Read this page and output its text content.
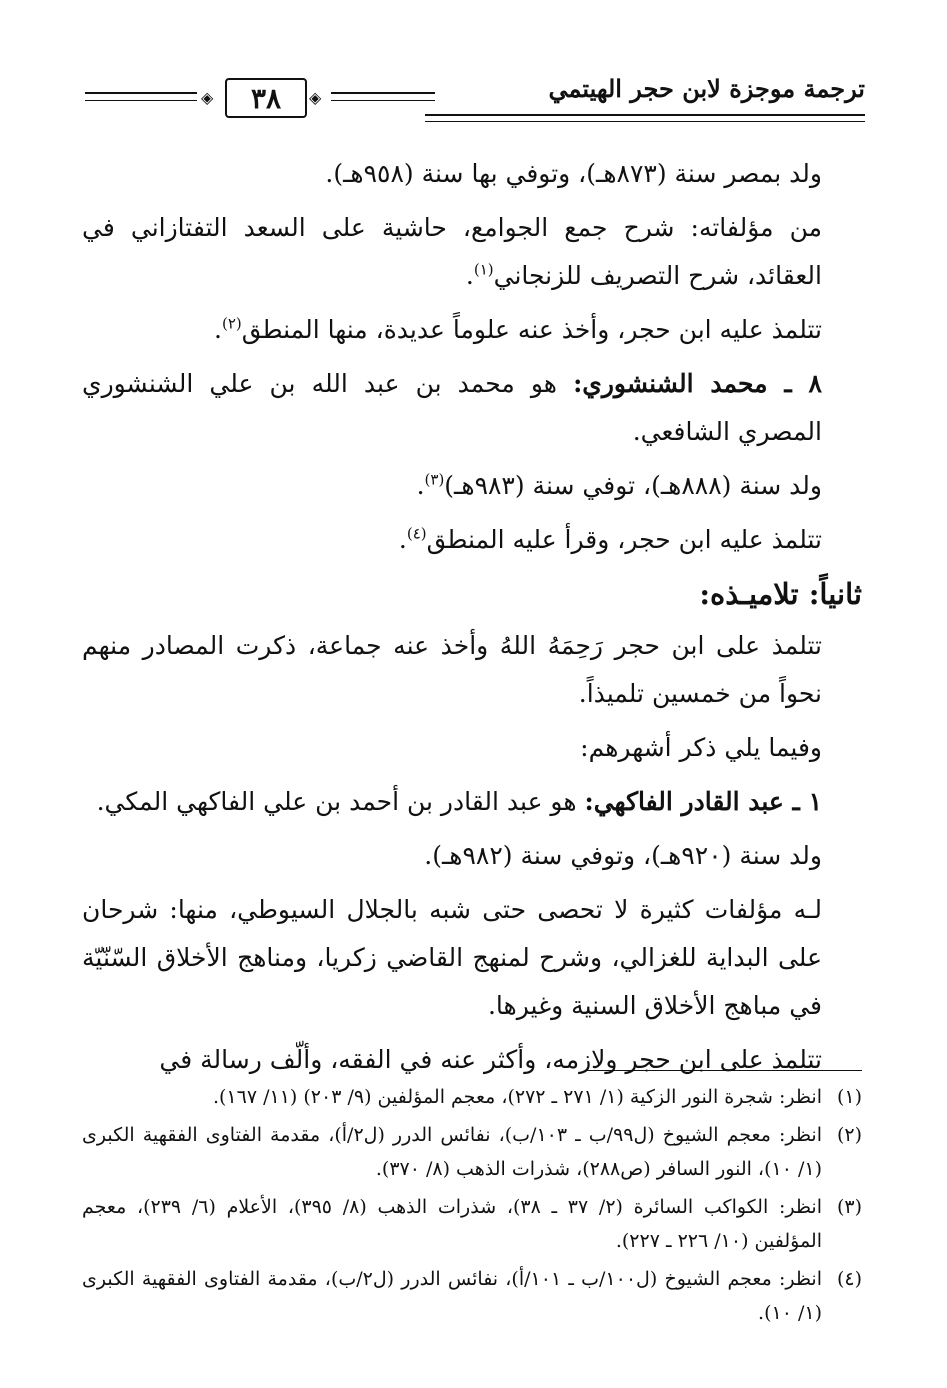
ترجمة موجزة لابن حجر الهيتمي
◈	٣٨	◈

ولد بمصر سنة (٨٧٣هـ)، وتوفي بها سنة (٩٥٨هـ).

من مؤلفاته: شرح جمع الجوامع، حاشية على السعد التفتازاني في العقائد، شرح التصريف للزنجاني$^{(١)}$.

تتلمذ عليه ابن حجر، وأخذ عنه علوماً عديدة، منها المنطق$^{(٢)}$.

٨ ـ محمد الشنشوري: هو محمد بن عبد الله بن علي الشنشوري المصري الشافعي.

ولد سنة (٨٨٨هـ)، توفي سنة (٩٨٣هـ)$^{(٣)}$.

تتلمذ عليه ابن حجر، وقرأ عليه المنطق$^{(٤)}$.

ثانياً: تلاميـذه:

تتلمذ على ابن حجر رَحِمَهُ اللهُ وأخذ عنه جماعة، ذكرت المصادر منهم نحواً من خمسين تلميذاً.

وفيما يلي ذكر أشهرهم:

١ ـ عبد القادر الفاكهي: هو عبد القادر بن أحمد بن علي الفاكهي المكي.

ولد سنة (٩٢٠هـ)، وتوفي سنة (٩٨٢هـ).

لـه مؤلفات كثيرة لا تحصى حتى شبه بالجلال السيوطي، منها: شرحان على البداية للغزالي، وشرح لمنهج القاضي زكريا، ومناهج الأخلاق السّنّيّة في مباهج الأخلاق السنية وغيرها.

تتلمذ على ابن حجر ولازمه، وأكثر عنه في الفقه، وألّف رسالة في

(١)
انظر: شجرة النور الزكية (١/ ٢٧١ ـ ٢٧٢)، معجم المؤلفين (٩/ ٢٠٣) (١١/ ١٦٧).
(٢)
انظر: معجم الشيوخ (ل٩٩/ب ـ ١٠٣/ب)، نفائس الدرر (ل٢/أ)، مقدمة الفتاوى الفقهية الكبرى (١/ ١٠)، النور السافر (ص٢٨٨)، شذرات الذهب (٨/ ٣٧٠).
(٣)
انظر: الكواكب السائرة (٢/ ٣٧ ـ ٣٨)، شذرات الذهب (٨/ ٣٩٥)، الأعلام (٦/ ٢٣٩)، معجم المؤلفين (١٠/ ٢٢٦ ـ ٢٢٧).
(٤)
انظر: معجم الشيوخ (ل١٠٠/ب ـ ١٠١/أ)، نفائس الدرر (ل٢/ب)، مقدمة الفتاوى الفقهية الكبرى (١/ ١٠).
